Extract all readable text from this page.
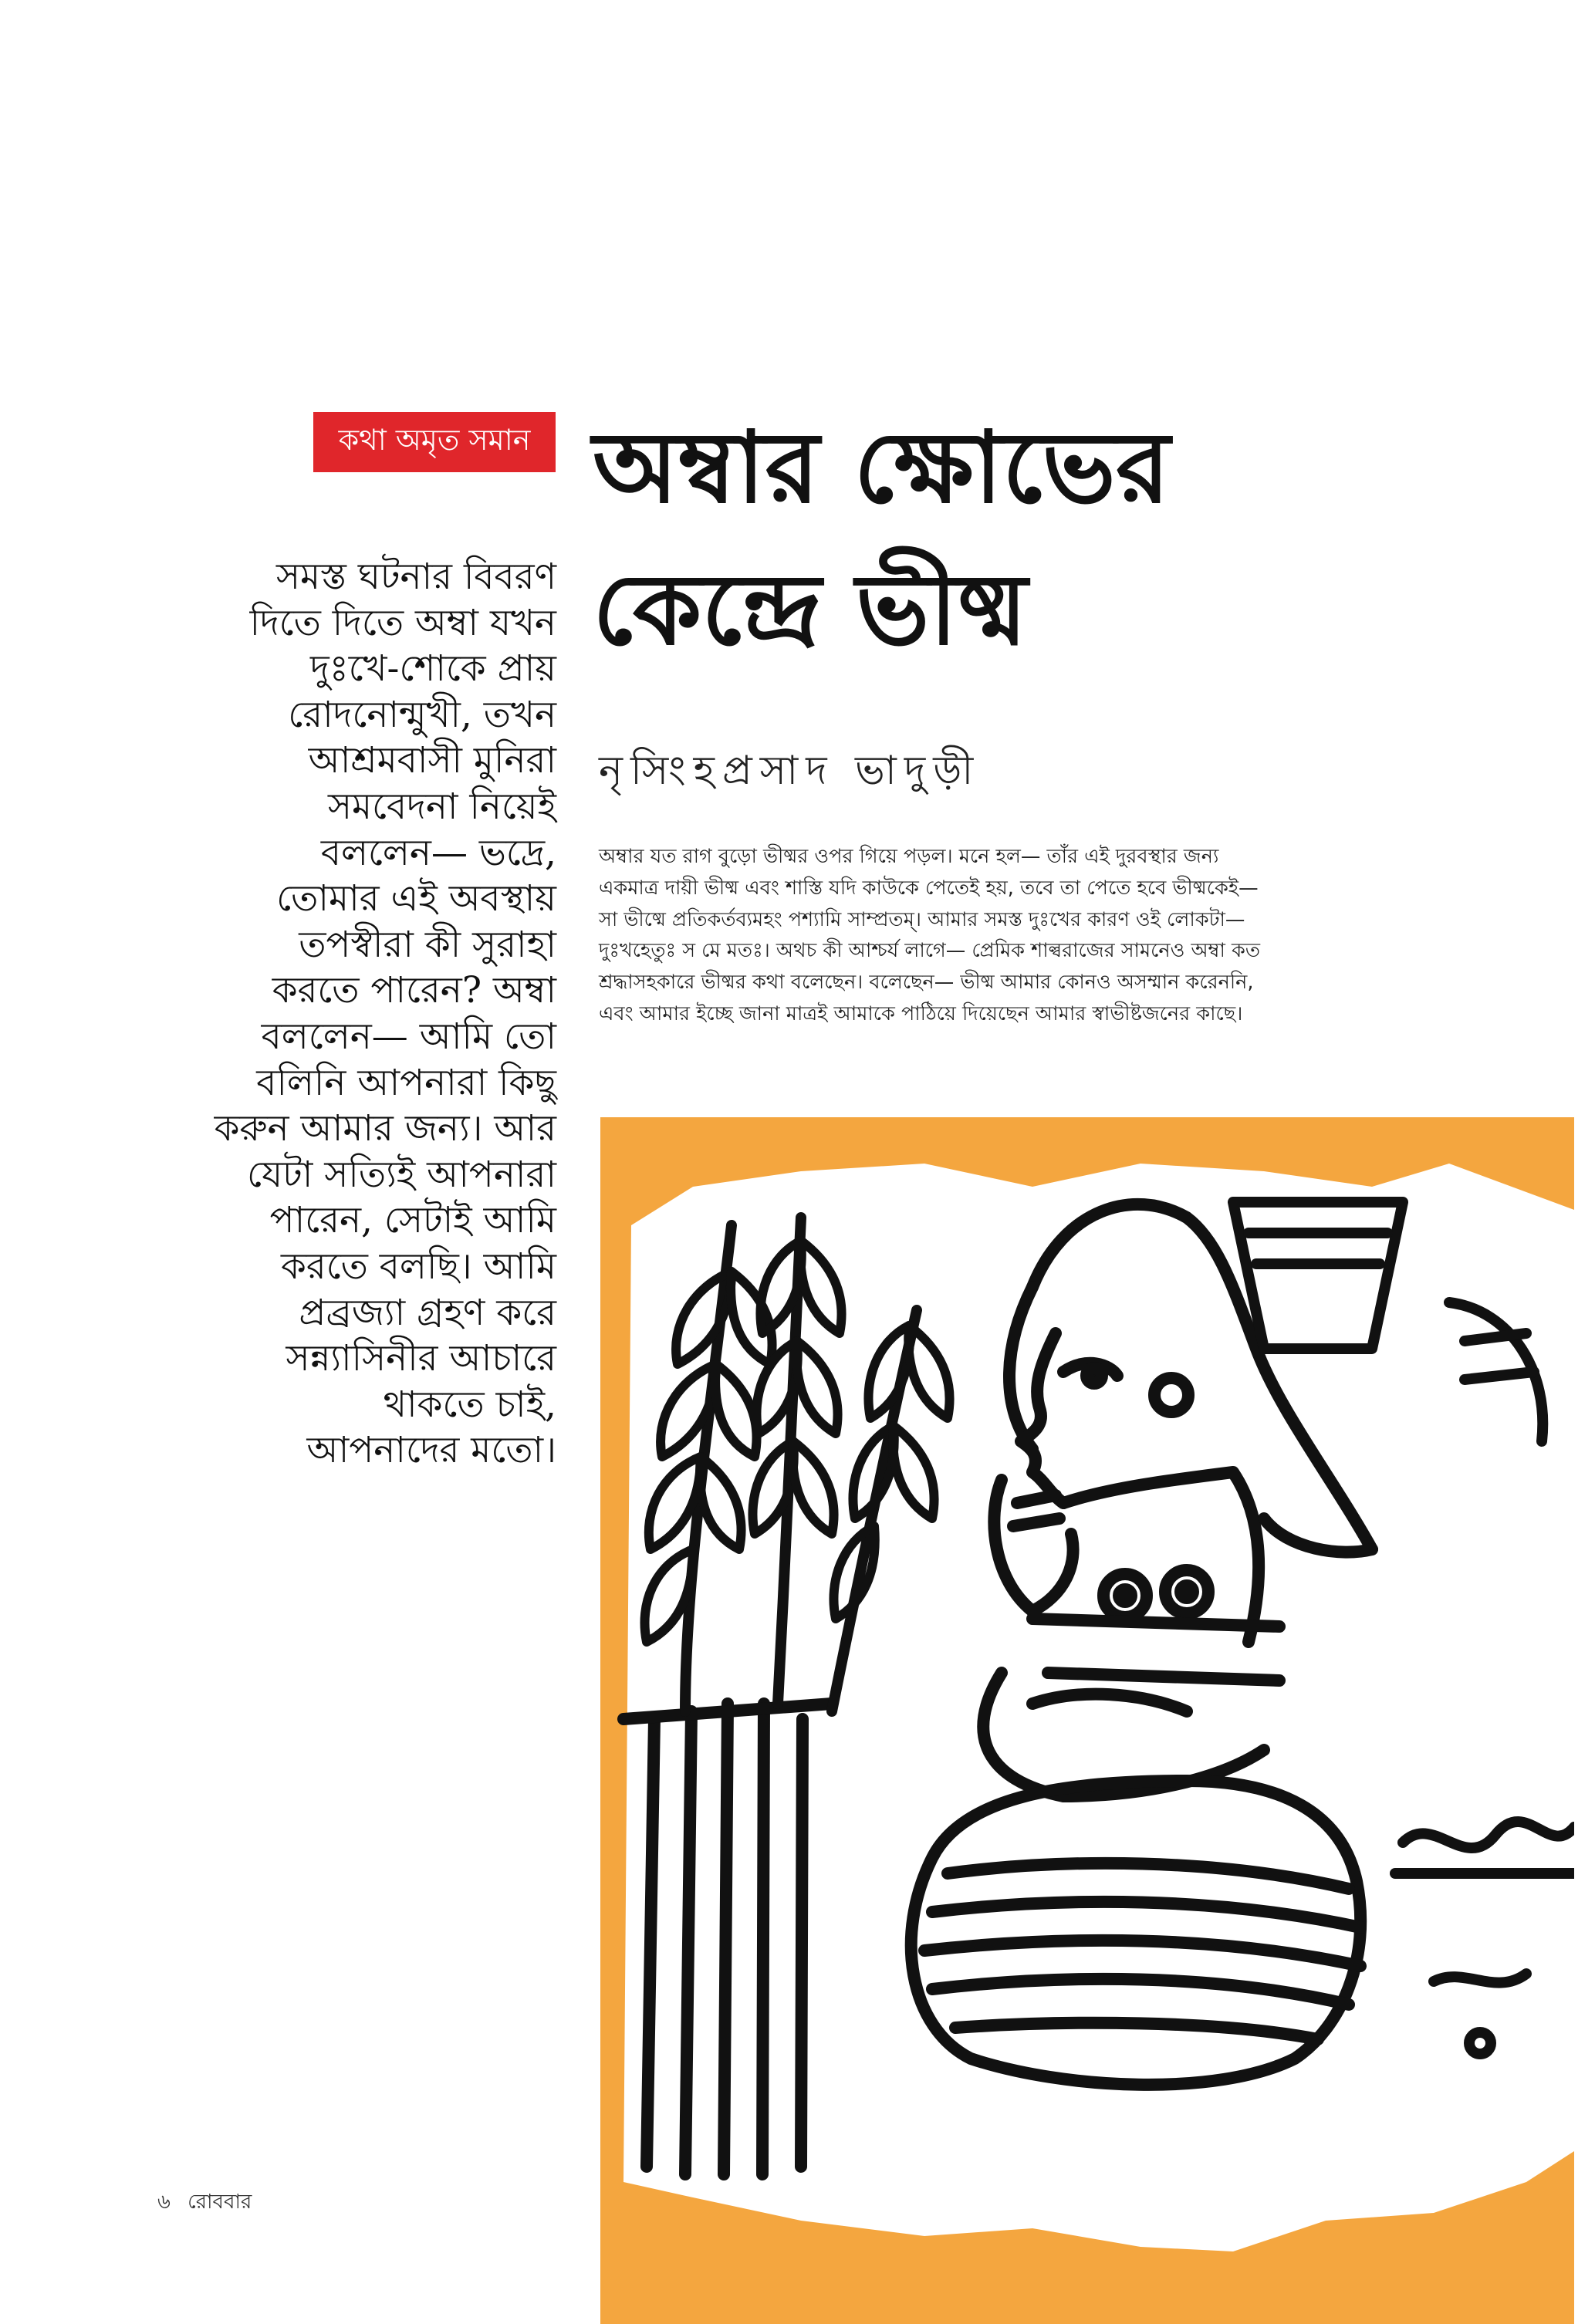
কথা অমৃত সমান অম্বার ক্ষোভের
কেন্দ্রে ভীষ্ম
নৃসিংহপ্রসাদ ভাদুড়ী
অম্বার যত রাগ বুড়ো ভীষ্মর ওপর গিয়ে পড়ল। মনে হল— তাঁর এই দুরবস্থার জন্য
একমাত্র দায়ী ভীষ্ম এবং শাস্তি যদি কাউকে পেতেই হয়, তবে তা পেতে হবে ভীষ্মকেই—
সা ভীষ্মে প্রতিকর্তব্যমহং পশ্যামি সাম্প্রতম্‌। আমার সমস্ত দুঃখের কারণ ওই লোকটা—
দুঃখহেতুঃ স মে মতঃ। অথচ কী আশ্চর্য লাগে— প্রেমিক শাল্বরাজের সামনেও অম্বা কত
শ্রদ্ধাসহকারে ভীষ্মর কথা বলেছেন। বলেছেন— ভীষ্ম আমার কোনও অসম্মান করেননি,
এবং আমার ইচ্ছে জানা মাত্রই আমাকে পাঠিয়ে দিয়েছেন আমার স্বাভীষ্টজনের কাছে।
সমস্ত ঘটনার বিবরণ
দিতে দিতে অম্বা যখন
দুঃখে-শোকে প্রায়
রোদনোন্মুখী, তখন
আশ্রমবাসী মুনিরা
সমবেদনা নিয়েই
বললেন— ভদ্রে,
তোমার এই অবস্থায়
তপস্বীরা কী সুরাহা
করতে পারেন? অম্বা
বললেন— আমি তো
বলিনি আপনারা কিছু
করুন আমার জন্য। আর
যেটা সত্যিই আপনারা
পারেন, সেটাই আমি
করতে বলছি। আমি
প্রব্রজ্যা গ্রহণ করে
সন্ন্যাসিনীর আচারে
থাকতে চাই,
আপনাদের মতো।
৬ রোববার
